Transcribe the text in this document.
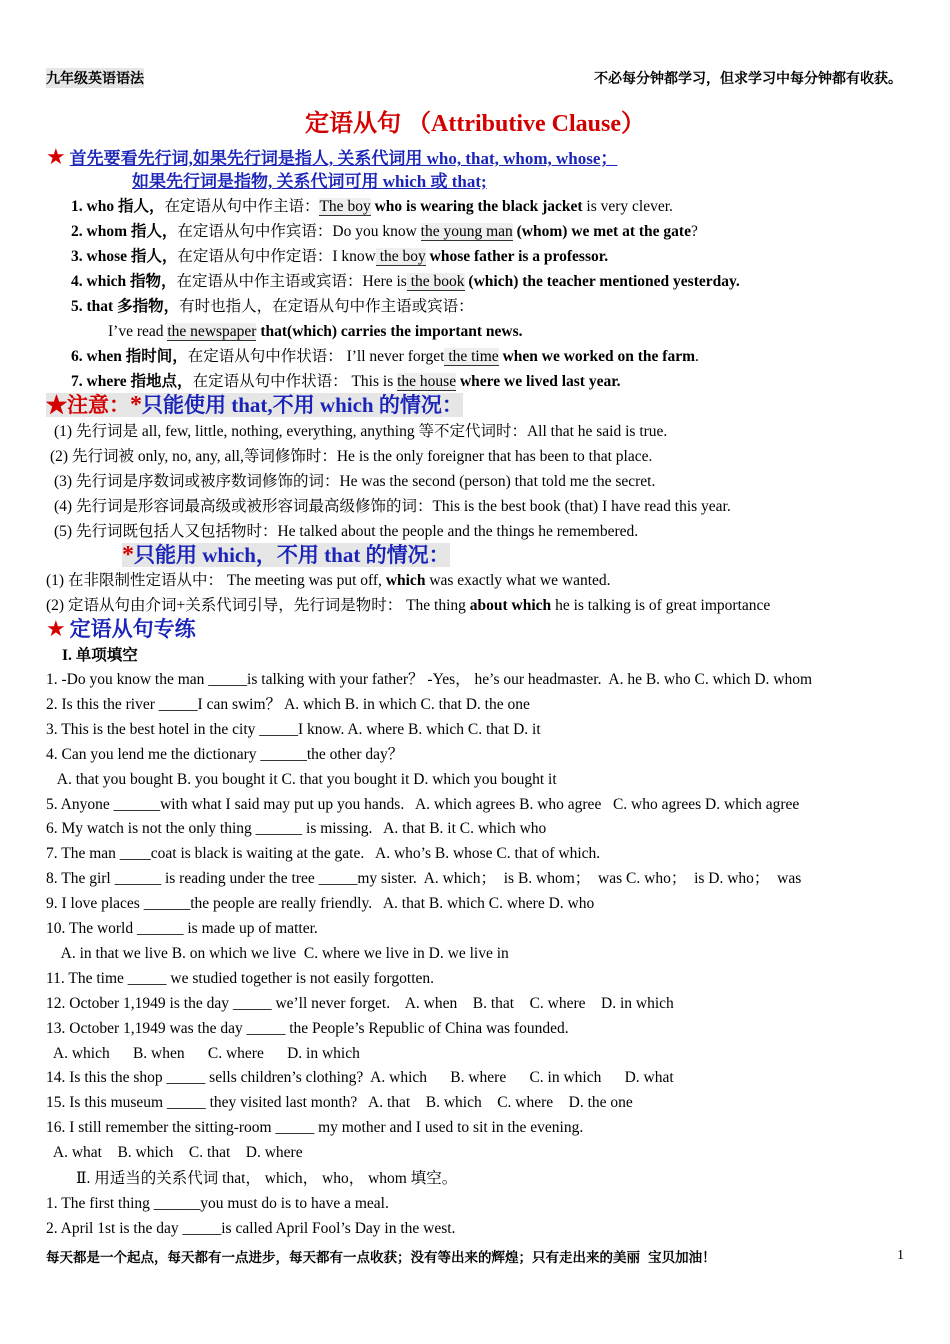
九年级英语语法	不必每分钟都学习，但求学习中每分钟都有收获。
定语从句 （Attributive Clause）
★ 首先要看先行词,如果先行词是指人, 关系代词用 who, that, whom, whose；
如果先行词是指物, 关系代词可用 which 或 that;
1. who 指人，在定语从句中作主语：The boy who is wearing the black jacket is very clever.
2. whom 指人，在定语从句中作宾语：Do you know the young man (whom) we met at the gate?
3. whose 指人，在定语从句中作定语：I know the boy whose father is a professor.
4. which 指物，在定语从中作主语或宾语：Here is the book (which) the teacher mentioned yesterday.
5. that 多指物，有时也指人，在定语从句中作主语或宾语：
I’ve read the newspaper that(which) carries the important news.
6. when 指时间，在定语从句中作状语： I’ll never forget the time when we worked on the farm.
7. where 指地点，在定语从句中作状语： This is the house where we lived last year.
★注意：*只能使用 that,不用 which 的情况：
(1) 先行词是 all, few, little, nothing, everything, anything 等不定代词时：All that he said is true.
(2) 先行词被 only, no, any, all,等词修饰时：He is the only foreigner that has been to that place.
(3) 先行词是序数词或被序数词修饰的词：He was the second (person) that told me the secret.
(4) 先行词是形容词最高级或被形容词最高级修饰的词：This is the best book (that) I have read this year.
(5) 先行词既包括人又包括物时：He talked about the people and the things he remembered.
*只能用 which，不用 that 的情况：
(1) 在非限制性定语从中： The meeting was put off, which was exactly what we wanted.
(2) 定语从句由介词+关系代词引导，先行词是物时： The thing about which he is talking is of great importance
★ 定语从句专练
I. 单项填空
1. -Do you know the man _____is talking with your father？ -Yes， he’s our headmaster.  A. he B. who C. which D. whom
2. Is this the river _____I can swim？ A. which B. in which C. that D. the one
3. This is the best hotel in the city _____I know. A. where B. which C. that D. it
4. Can you lend me the dictionary ______the other day？
A. that you bought B. you bought it C. that you bought it D. which you bought it
5. Anyone ______with what I said may put up you hands.   A. which agrees B. who agree   C. who agrees D. which agree
6. My watch is not the only thing ______ is missing.   A. that B. it C. which who
7. The man ____coat is black is waiting at the gate.   A. who’s B. whose C. that of which.
8. The girl ______ is reading under the tree _____my sister.  A. which；  is B. whom；  was C. who；  is D. who；  was
9. I love places ______the people are really friendly.   A. that B. which C. where D. who
10. The world ______ is made up of matter.
A. in that we live B. on which we live  C. where we live in D. we live in
11. The time _____ we studied together is not easily forgotten.
12. October 1,1949 is the day _____ we’ll never forget.    A. when    B. that    C. where    D. in which
13. October 1,1949 was the day _____ the People’s Republic of China was founded.
A. which      B. when      C. where      D. in which
14. Is this the shop _____ sells children’s clothing?  A. which      B. where      C. in which      D. what
15. Is this museum _____ they visited last month?   A. that    B. which    C. where    D. the one
16. I still remember the sitting-room _____ my mother and I used to sit in the evening.
A. what    B. which    C. that    D. where
Ⅱ. 用适当的关系代词 that， which， who， whom 填空。
1. The first thing ______you must do is to have a meal.
2. April 1st is the day _____is called April Fool’s Day in the west.
每天都是一个起点，每天都有一点进步，每天都有一点收获；没有等出来的辉煌；只有走出来的美丽 宝贝加油！	1
